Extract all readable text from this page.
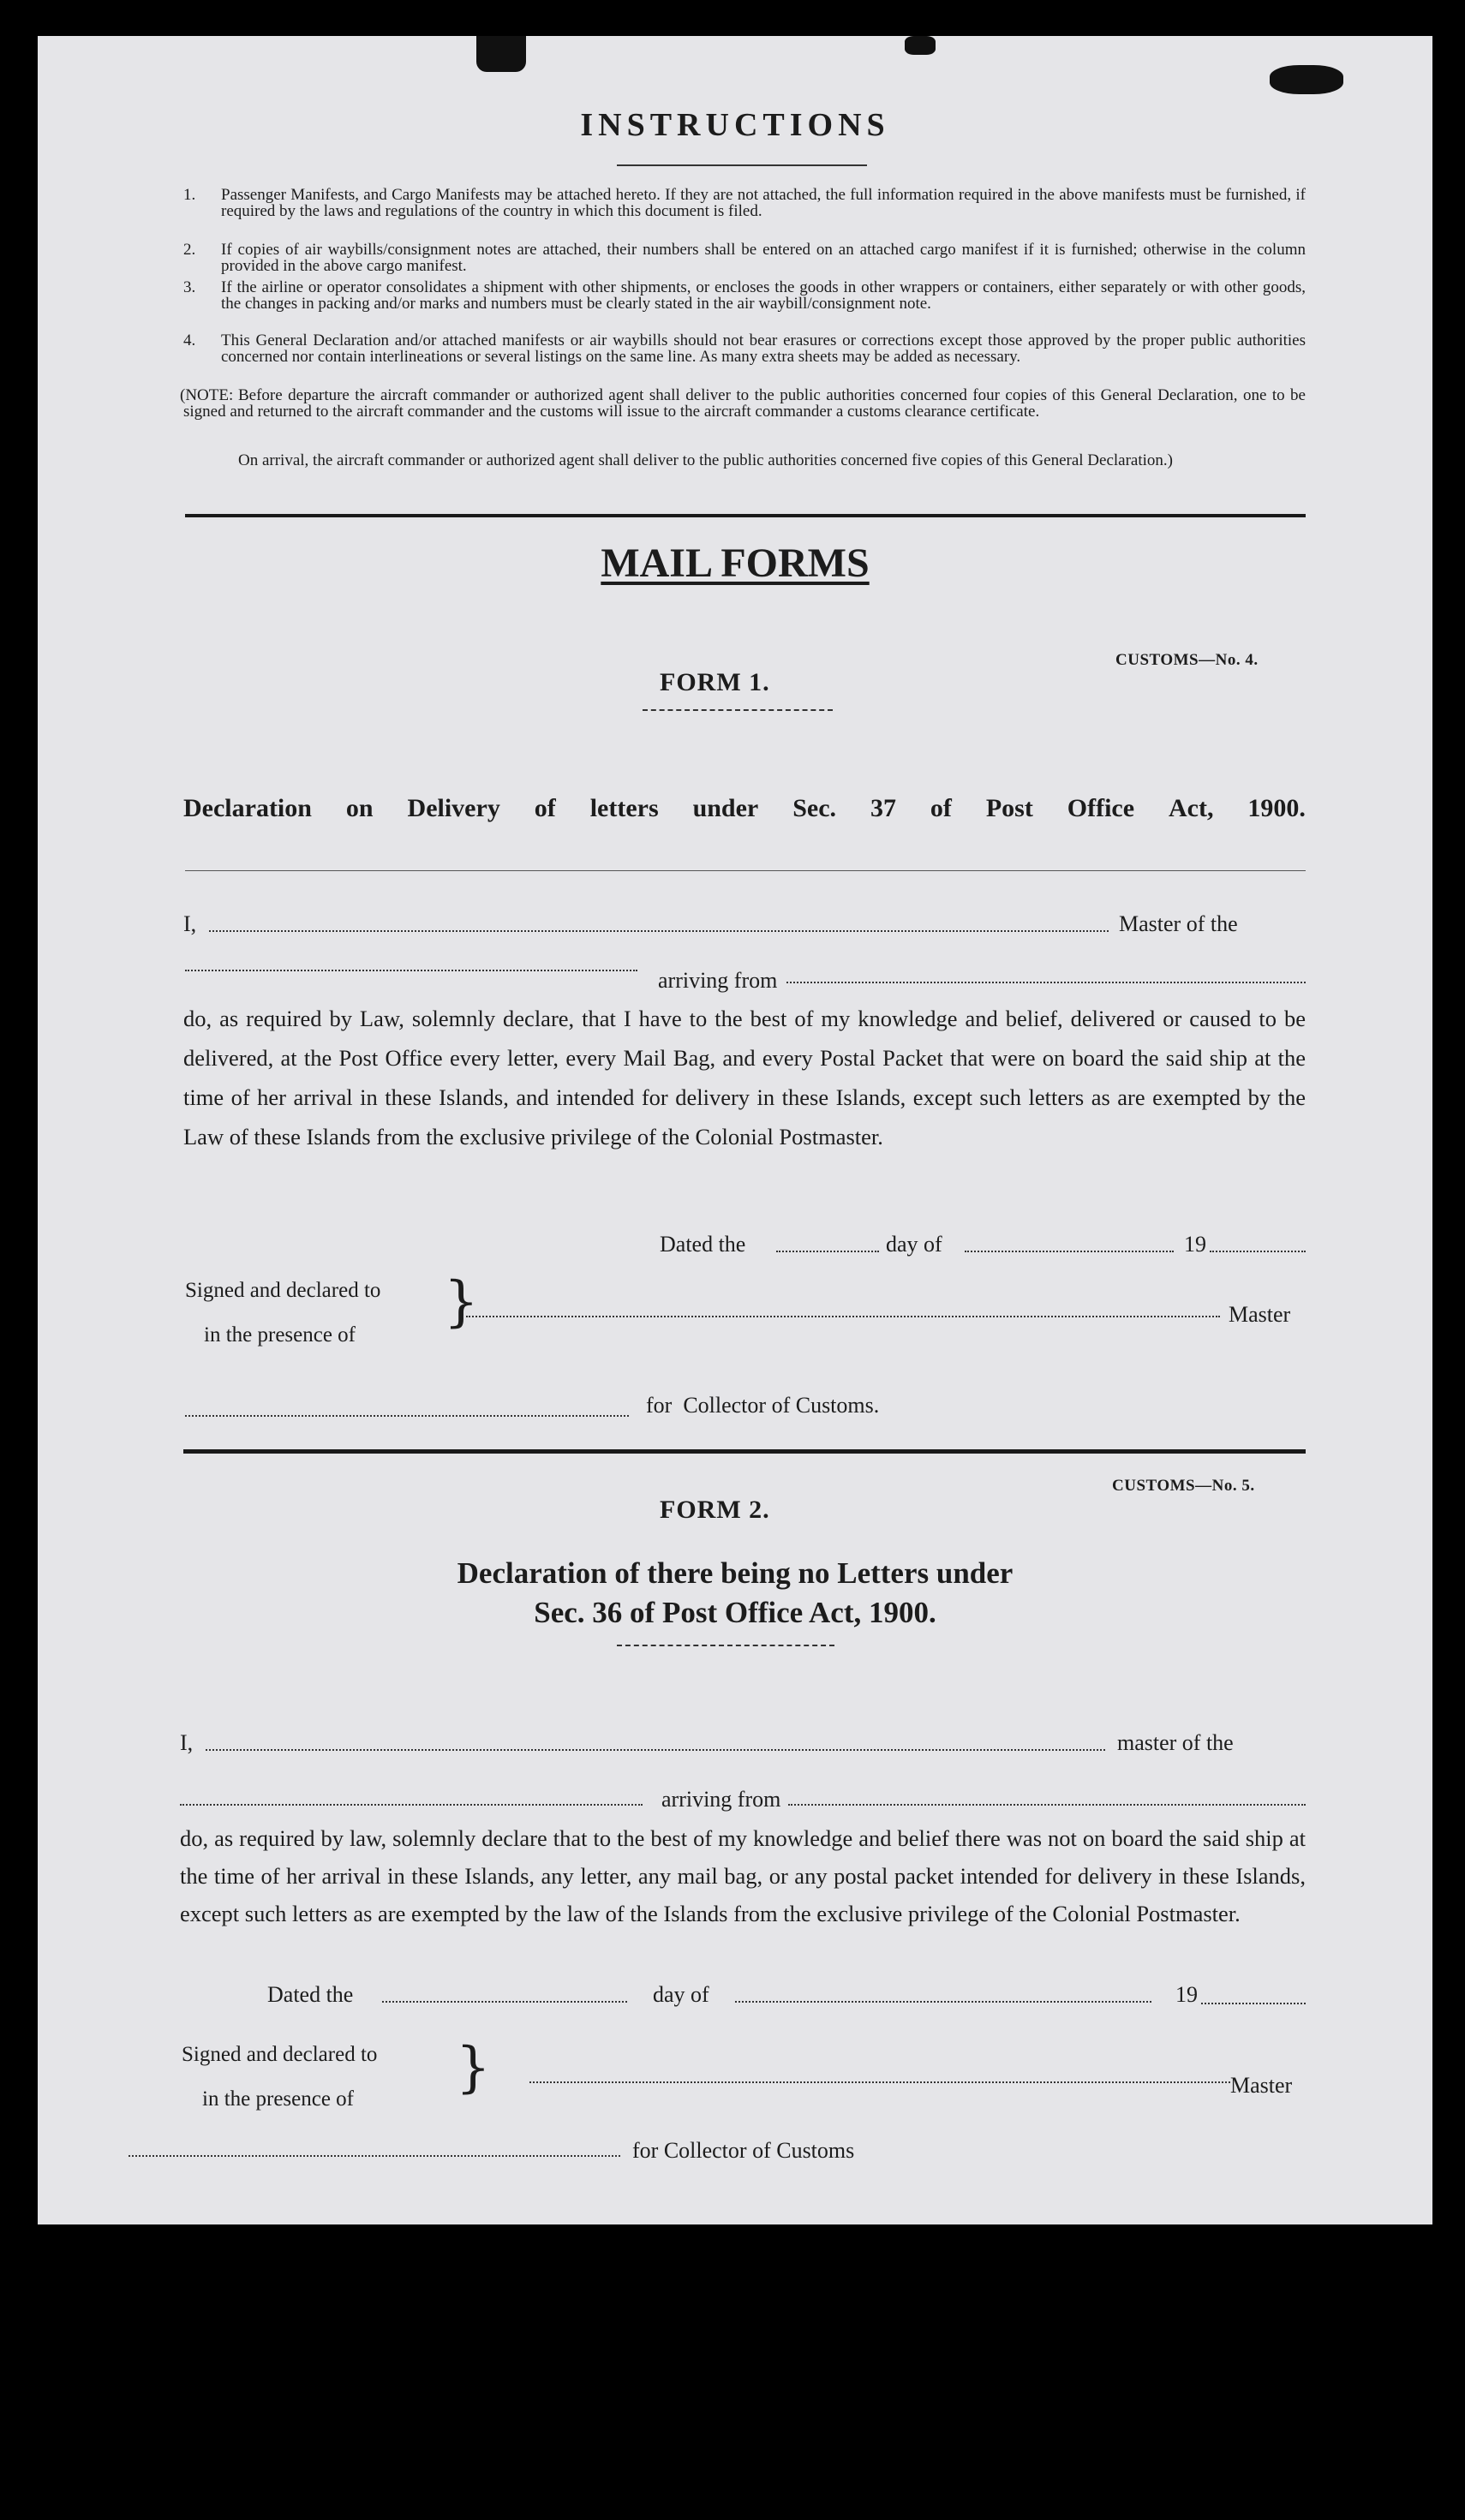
INSTRUCTIONS
1.	Passenger Manifests, and Cargo Manifests may be attached hereto. If they are not attached, the full information required in the above manifests must be furnished, if required by the laws and regulations of the country in which this document is filed.
2.	If copies of air waybills/consignment notes are attached, their numbers shall be entered on an attached cargo manifest if it is furnished; otherwise in the column provided in the above cargo manifest.
3.	If the airline or operator consolidates a shipment with other shipments, or encloses the goods in other wrappers or containers, either separately or with other goods, the changes in packing and/or marks and numbers must be clearly stated in the air waybill/consignment note.
4.	This General Declaration and/or attached manifests or air waybills should not bear erasures or corrections except those approved by the proper public authorities concerned nor contain interlineations or several listings on the same line. As many extra sheets may be added as necessary.
(NOTE: Before departure the aircraft commander or authorized agent shall deliver to the public authorities concerned four copies of this General Declaration, one to be signed and returned to the aircraft commander and the customs will issue to the aircraft commander a customs clearance certificate.
On arrival, the aircraft commander or authorized agent shall deliver to the public authorities concerned five copies of this General Declaration.)
MAIL FORMS
CUSTOMS—No. 4.
FORM 1.
Declaration on Delivery of letters under Sec. 37 of Post Office Act, 1900.
I,	Master of the
arriving from
do, as required by Law, solemnly declare, that I have to the best of my knowledge and belief, delivered or caused to be delivered, at the Post Office every letter, every Mail Bag, and every Postal Packet that were on board the said ship at the time of her arrival in these Islands, and intended for delivery in these Islands, except such letters as are exempted by the Law of these Islands from the exclusive privilege of the Colonial Postmaster.
Dated the	day of	19
Signed and declared to
in the presence of
}	Master
for  Collector of Customs.
CUSTOMS—No. 5.
FORM 2.
Declaration of there being no Letters under
Sec. 36 of Post Office Act, 1900.
I,	master of the
arriving from
do, as required by law, solemnly declare that to the best of my knowledge and belief there was not on board the said ship at the time of her arrival in these Islands, any letter, any mail bag, or any postal packet intended for delivery in these Islands, except such letters as are exempted by the law of the Islands from the exclusive privilege of the Colonial Postmaster.
Dated the	day of	19
Signed and declared to
in the presence of }	Master
for Collector of Customs
